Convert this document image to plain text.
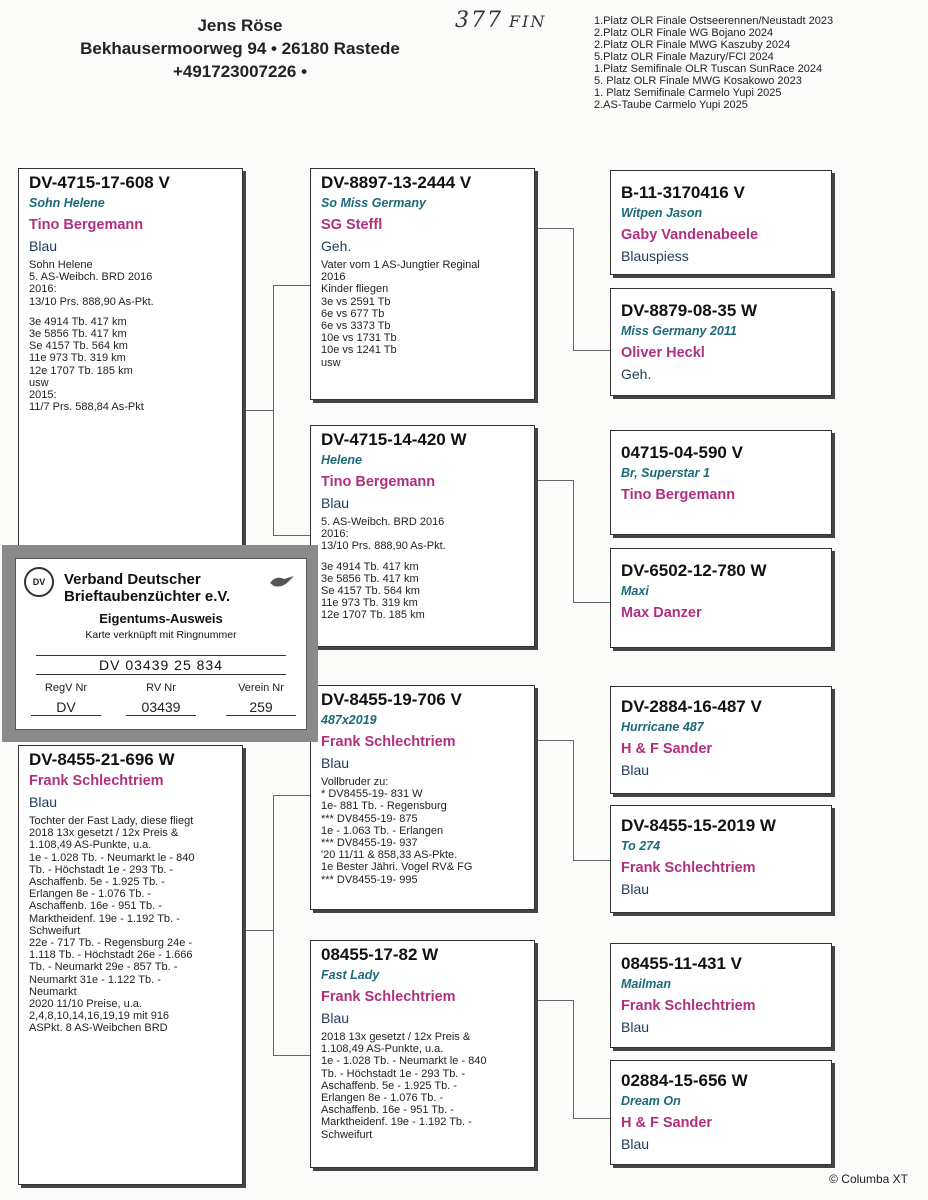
Jens Röse
Bekhausermoorweg 94 • 26180 Rastede
+491723007226 •
377 FIN	1.Platz OLR Finale Ostseerennen/Neustadt 2023
2.Platz OLR Finale WG Bojano 2024
2.Platz OLR Finale MWG Kaszuby 2024
5.Platz OLR Finale Mazury/FCI 2024
1.Platz Semifinale OLR Tuscan SunRace 2024
5. Platz OLR Finale MWG Kosakowo 2023
1. Platz Semifinale Carmelo Yupi 2025
2.AS-Taube Carmelo Yupi 2025
DV-4715-17-608 V
Sohn Helene
Tino Bergemann
Blau
Sohn Helene
5. AS-Weibch. BRD 2016
2016:
13/10 Prs. 888,90 As-Pkt.
3e 4914 Tb. 417 km
3e 5856 Tb. 417 km
Se 4157 Tb. 564 km
11e 973 Tb. 319 km
12e 1707 Tb. 185 km
usw
2015:
11/7 Prs. 588,84 As-Pkt
DV-8455-21-696 W
Frank Schlechtriem
Blau
Tochter der Fast Lady, diese fliegt
2018 13x gesetzt / 12x Preis &
1.108,49 AS-Punkte, u.a.
1e - 1.028 Tb. - Neumarkt le - 840
Tb. - Höchstadt 1e - 293 Tb. -
Aschaffenb. 5e - 1.925 Tb. -
Erlangen 8e - 1.076 Tb. -
Aschaffenb. 16e - 951 Tb. -
Marktheidenf. 19e - 1.192 Tb. -
Schweifurt
22e - 717 Tb. - Regensburg 24e -
1.118 Tb. - Höchstadt 26e - 1.666
Tb. - Neumarkt 29e - 857 Tb. -
Neumarkt 31e - 1.122 Tb. -
Neumarkt
2020 11/10 Preise, u.a.
2,4,8,10,14,16,19,19 mit 916
ASPkt. 8 AS-Weibchen BRD
DV-8897-13-2444 V
So Miss Germany
SG Steffl
Geh.
Vater vom 1 AS-Jungtier Reginal
2016
Kinder fliegen
3e vs 2591 Tb
6e vs 677 Tb
6e vs 3373 Tb
10e vs 1731 Tb
10e vs 1241 Tb
usw
DV-4715-14-420 W
Helene
Tino Bergemann
Blau
5. AS-Weibch. BRD 2016
2016:
13/10 Prs. 888,90 As-Pkt.
3e 4914 Tb. 417 km
3e 5856 Tb. 417 km
Se 4157 Tb. 564 km
11e 973 Tb. 319 km
12e 1707 Tb. 185 km
DV-8455-19-706 V
487x2019
Frank Schlechtriem
Blau
Vollbruder zu:
* DV8455-19- 831 W
1e- 881 Tb. - Regensburg
*** DV8455-19- 875
1e - 1.063 Tb. - Erlangen
*** DV8455-19- 937
'20 11/11 & 858,33 AS-Pkte.
1e Bester Jähri. Vogel RV& FG
*** DV8455-19- 995
08455-17-82 W
Fast Lady
Frank Schlechtriem
Blau
2018 13x gesetzt / 12x Preis &
1.108,49 AS-Punkte, u.a.
1e - 1.028 Tb. - Neumarkt le - 840
Tb. - Höchstadt 1e - 293 Tb. -
Aschaffenb. 5e - 1.925 Tb. -
Erlangen 8e - 1.076 Tb. -
Aschaffenb. 16e - 951 Tb. -
Marktheidenf. 19e - 1.192 Tb. -
Schweifurt
B-11-3170416 V
Witpen Jason
Gaby Vandenabeele
Blauspiess
DV-8879-08-35 W
Miss Germany 2011
Oliver Heckl
Geh.
04715-04-590 V
Br, Superstar 1
Tino Bergemann
DV-6502-12-780 W
Maxi
Max Danzer
DV-2884-16-487 V
Hurricane 487
H & F Sander
Blau
DV-8455-15-2019 W
To 274
Frank Schlechtriem
Blau
08455-11-431 V
Mailman
Frank Schlechtriem
Blau
02884-15-656 W
Dream On
H & F Sander
Blau
DV	Verband Deutscher
Brieftaubenzüchter e.V.
Eigentums-Ausweis
Karte verknüpft mit Ringnummer
DV 03439 25 834
RegV Nr	RV Nr	Verein Nr
DV	03439	259
© Columba XT
